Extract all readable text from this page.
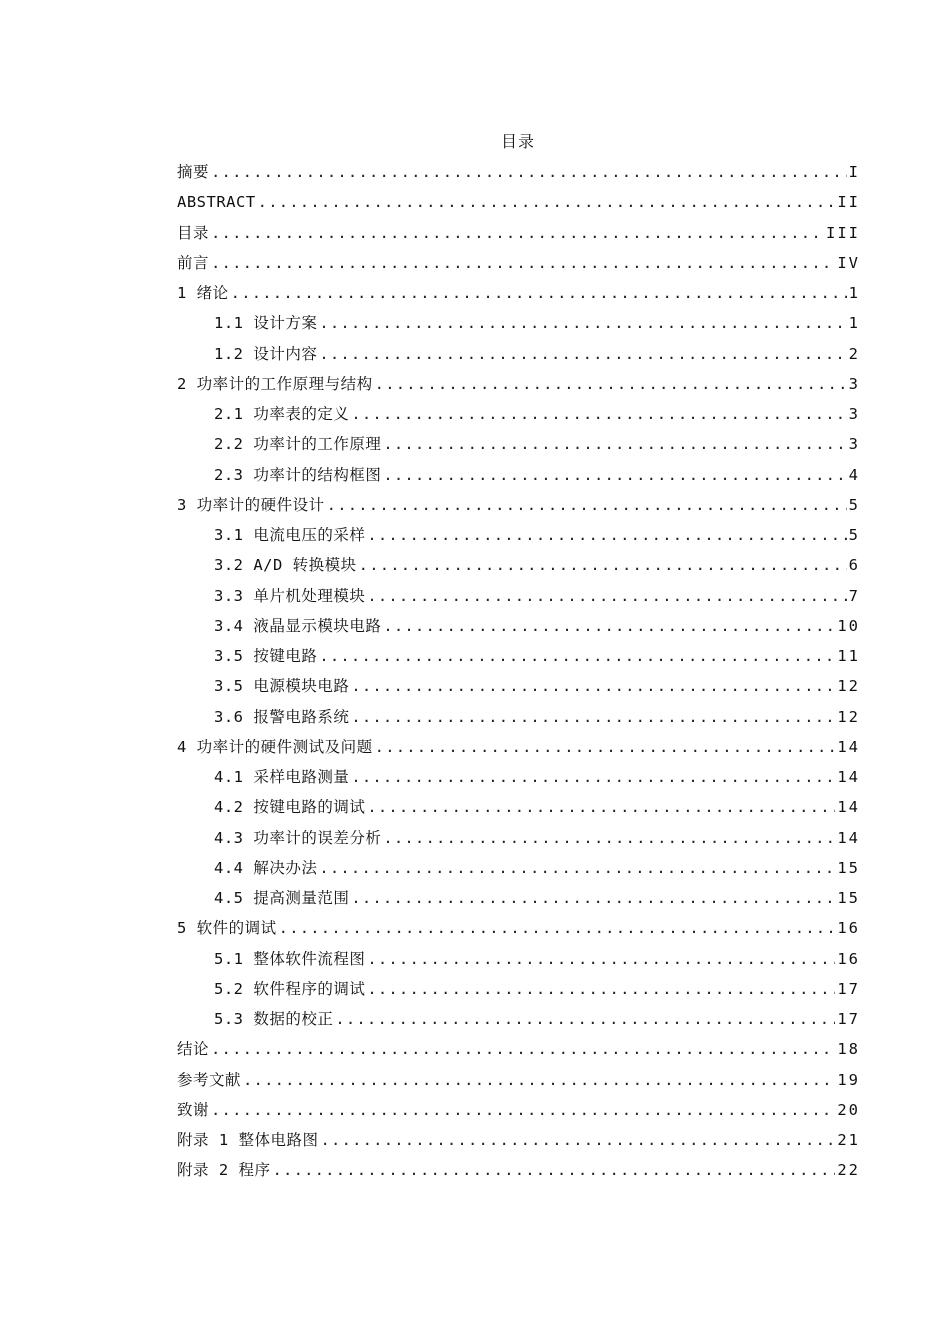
目录
摘要 .....	I
ABSTRACT .....	II
目录 .....	III
前言 .....	IV
1 绪论 .....	1
1.1 设计方案 .....	1
1.2 设计内容 .....	2
2 功率计的工作原理与结构 .....	3
2.1 功率表的定义 .....	3
2.2 功率计的工作原理 .....	3
2.3 功率计的结构框图 .....	4
3 功率计的硬件设计 .....	5
3.1 电流电压的采样 .....	5
3.2 A/D 转换模块 .....	6
3.3 单片机处理模块 .....	7
3.4 液晶显示模块电路 .....	10
3.5 按键电路 .....	11
3.5 电源模块电路 .....	12
3.6 报警电路系统 .....	12
4 功率计的硬件测试及问题 .....	14
4.1 采样电路测量 .....	14
4.2 按键电路的调试 .....	14
4.3 功率计的误差分析 .....	14
4.4 解决办法 .....	15
4.5 提高测量范围 .....	15
5 软件的调试 .....	16
5.1 整体软件流程图 .....	16
5.2 软件程序的调试 .....	17
5.3 数据的校正 .....	17
结论 .....	18
参考文献 .....	19
致谢 .....	20
附录 1 整体电路图 .....	21
附录 2 程序 .....	22
